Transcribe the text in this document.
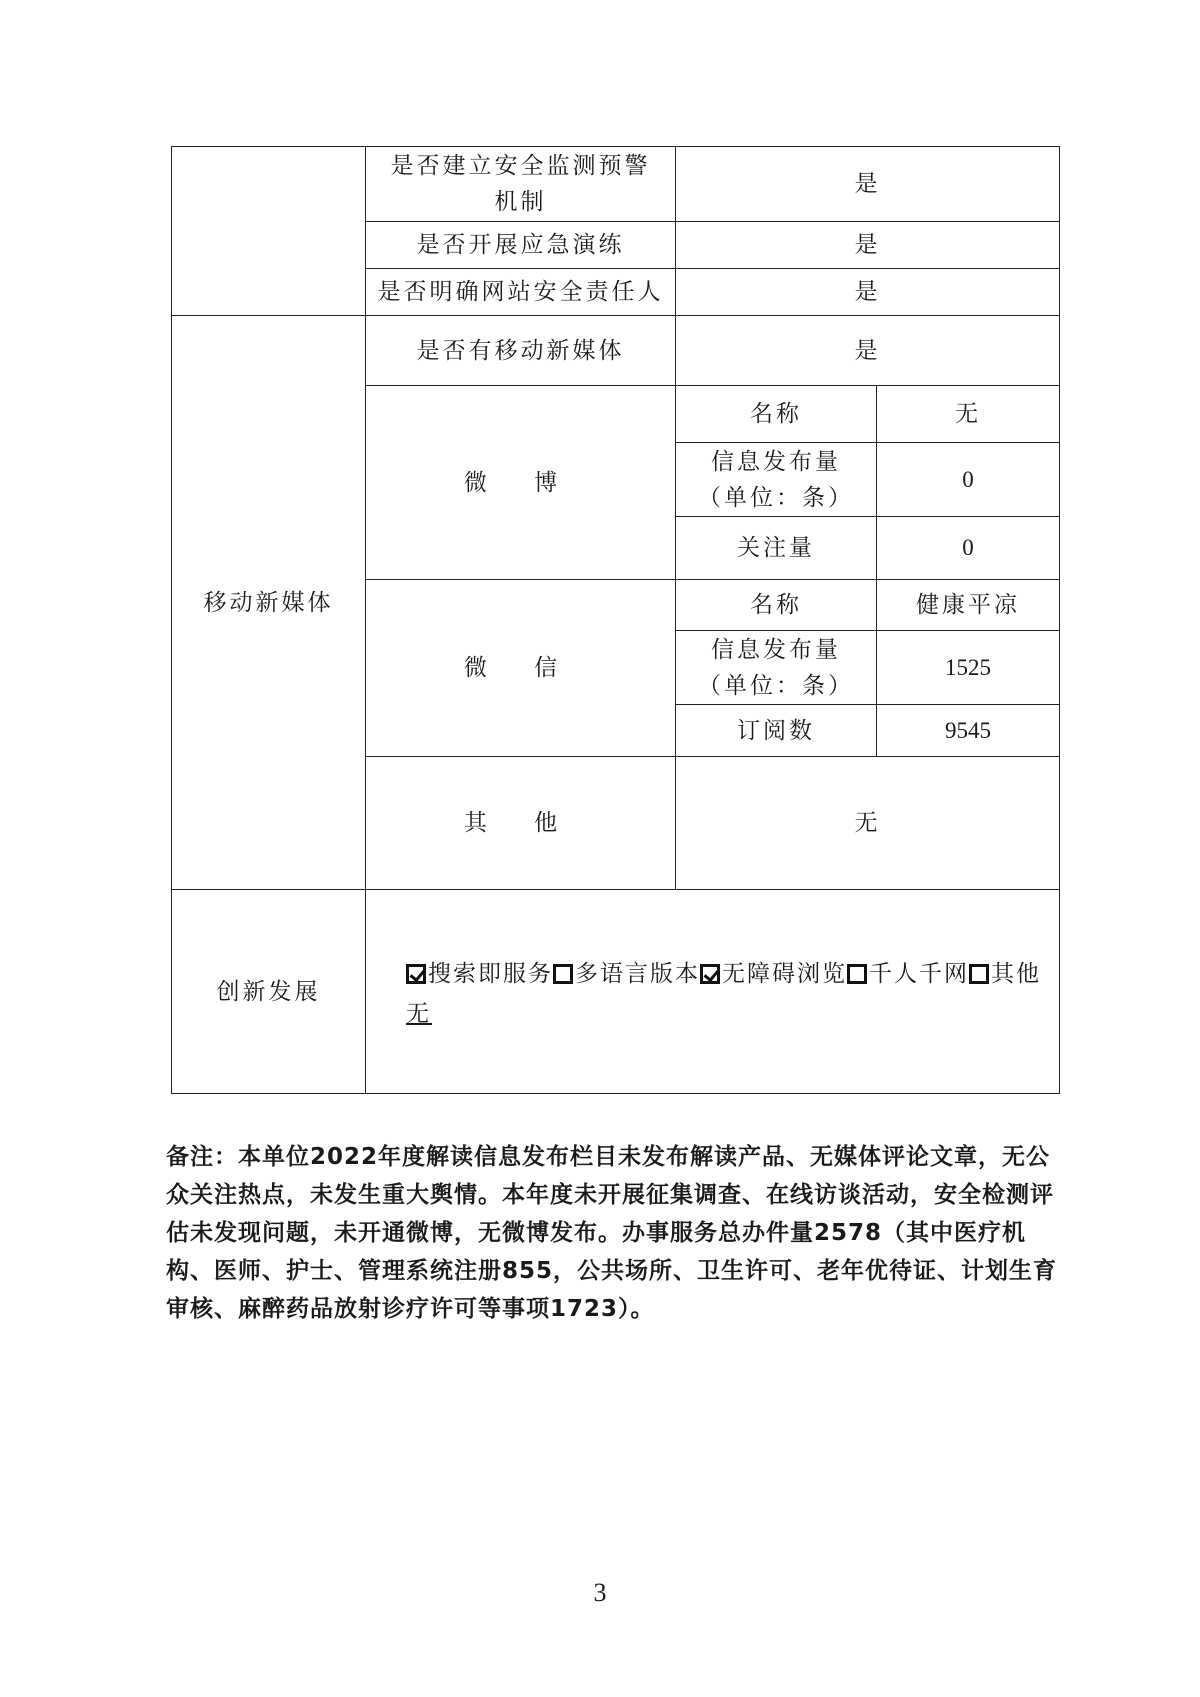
	是否建立安全监测预警
机制	是	
	是否开展应急演练	是	
	是否明确网站安全责任人	是	
移动新媒体	是否有移动新媒体	是	
	微 博	名称	无
		信息发布量
（单位：条）	0
		关注量	0
	微 信	名称	健康平凉
		信息发布量
（单位：条）	1525
		订阅数	9545
	其 他	无	
创新发展	搜索即服务 多语言版本 无障碍浏览 千人千网 其他
无		
备注：本单位2022年度解读信息发布栏目未发布解读产品、无媒体评论文章，无公众关注热点，未发生重大舆情。本年度未开展征集调查、在线访谈活动，安全检测评估未发现问题，未开通微博，无微博发布。办事服务总办件量2578（其中医疗机构、医师、护士、管理系统注册855，公共场所、卫生许可、老年优待证、计划生育审核、麻醉药品放射诊疗许可等事项1723）。
3
